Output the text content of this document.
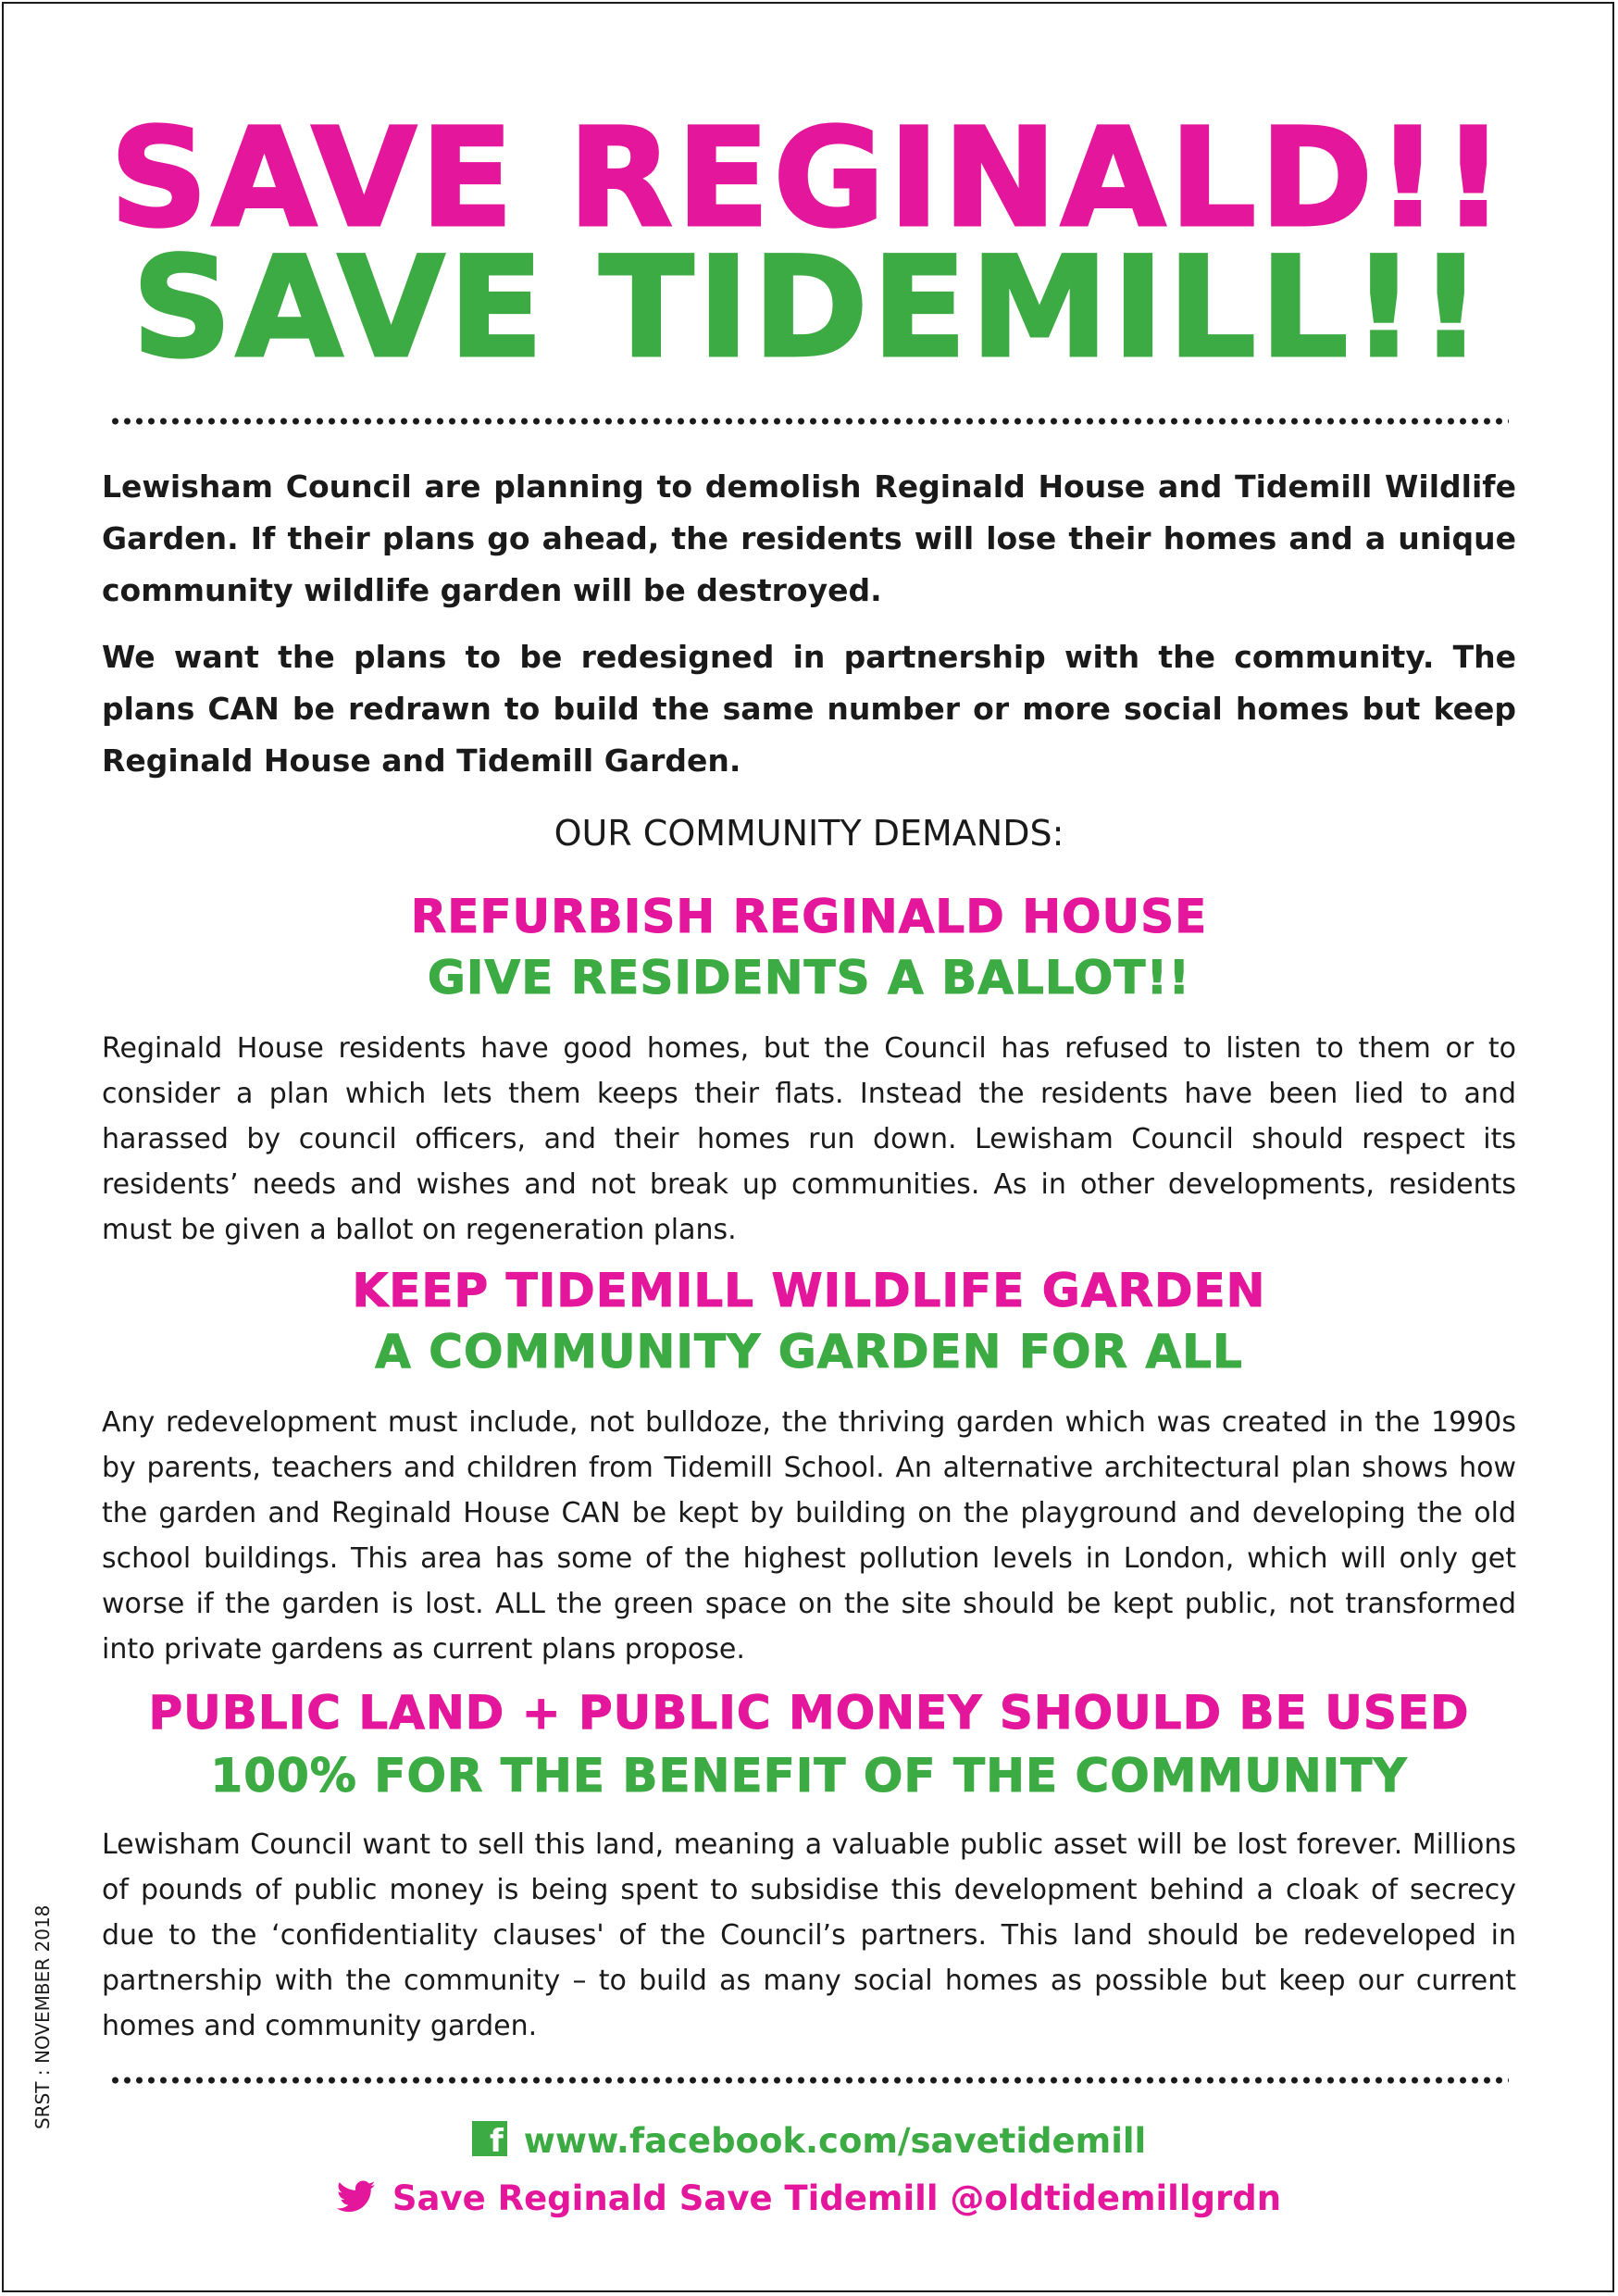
SAVE REGINALD!!
SAVE TIDEMILL!!

Lewisham Council are planning to demolish Reginald House and Tidemill Wildlife Garden. If their plans go ahead, the residents will lose their homes and a unique community wildlife garden will be destroyed.

We want the plans to be redesigned in partnership with the community. The plans CAN be redrawn to build the same number or more social homes but keep Reginald House and Tidemill Garden.

OUR COMMUNITY DEMANDS:
REFURBISH REGINALD HOUSE
GIVE RESIDENTS A BALLOT!!

Reginald House residents have good homes, but the Council has refused to listen to them or to consider a plan which lets them keeps their flats. Instead the residents have been lied to and harassed by council officers, and their homes run down. Lewisham Council should respect its residents’ needs and wishes and not break up communities. As in other developments, residents must be given a ballot on regeneration plans.

KEEP TIDEMILL WILDLIFE GARDEN
A COMMUNITY GARDEN FOR ALL

Any redevelopment must include, not bulldoze, the thriving garden which was created in the 1990s by parents, teachers and children from Tidemill School. An alternative architectural plan shows how the garden and Reginald House CAN be kept by building on the playground and developing the old school buildings. This area has some of the highest pollution levels in London, which will only get worse if the garden is lost. ALL the green space on the site should be kept public, not transformed into private gardens as current plans propose.

PUBLIC LAND + PUBLIC MONEY SHOULD BE USED
100% FOR THE BENEFIT OF THE COMMUNITY

Lewisham Council want to sell this land, meaning a valuable public asset will be lost forever. Millions of pounds of public money is being spent to subsidise this development behind a cloak of secrecy due to the ‘confidentiality clauses' of the Council’s partners. This land should be redeveloped in partnership with the community – to build as many social homes as possible but keep our current homes and community garden.

f www.facebook.com/savetidemill
Save Reginald Save Tidemill @oldtidemillgrdn
SRST : NOVEMBER 2018
